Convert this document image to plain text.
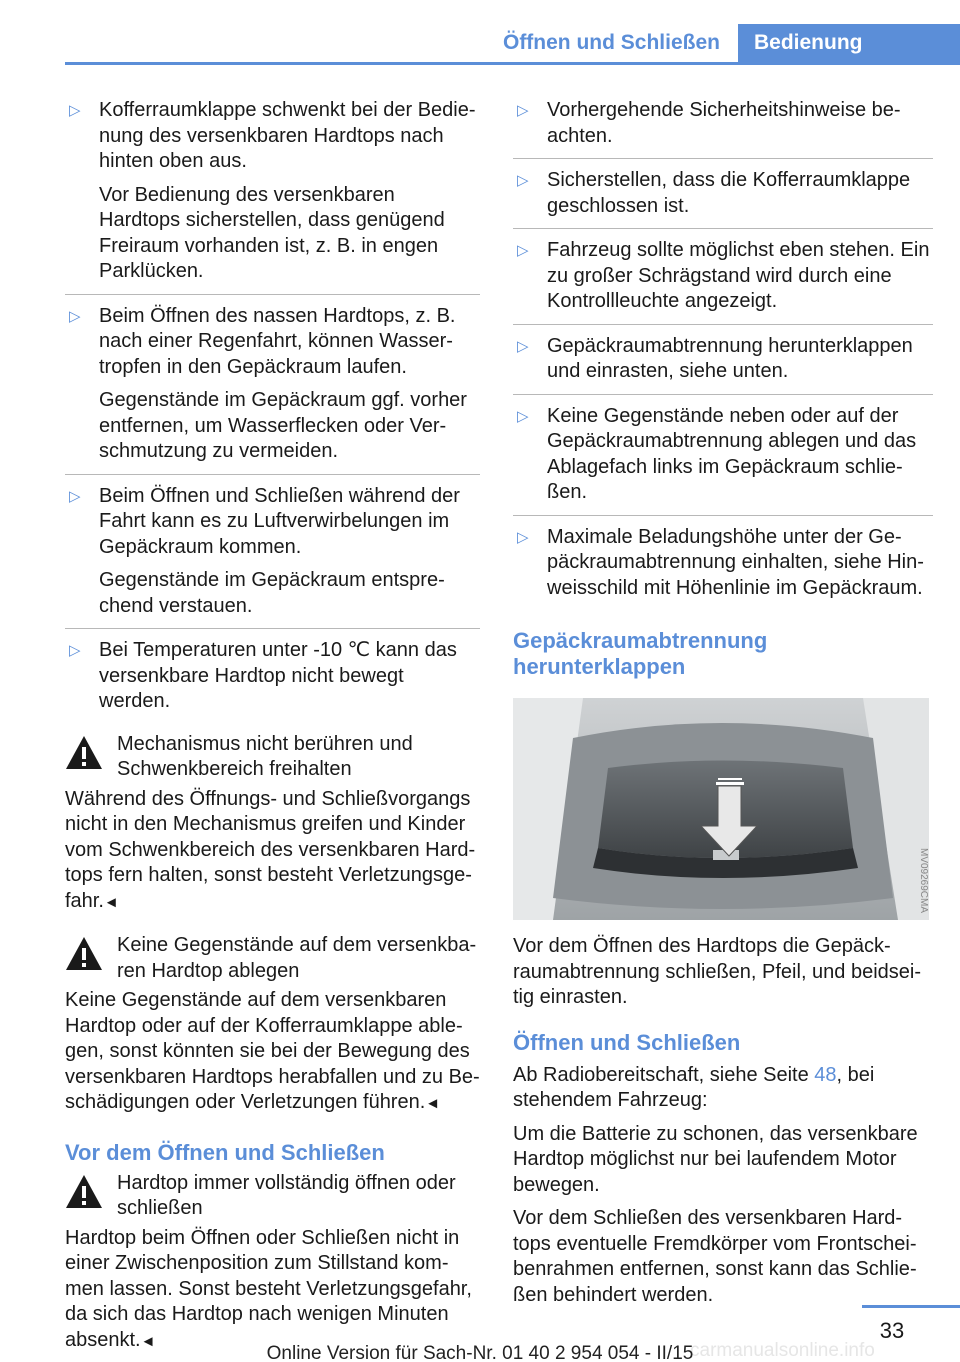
Öffnen und Schließen	Bedienung
▷ Kofferraumklappe schwenkt bei der Bedienung des versenkbaren Hardtops nach hinten oben aus.

Vor Bedienung des versenkbaren Hardtops sicherstellen, dass genügend Freiraum vorhanden ist, z. B. in engen Parklücken.

▷ Beim Öffnen des nassen Hardtops, z. B. nach einer Regenfahrt, können Wassertropfen in den Gepäckraum laufen.

Gegenstände im Gepäckraum ggf. vorher entfernen, um Wasserflecken oder Verschmutzung zu vermeiden.

▷ Beim Öffnen und Schließen während der Fahrt kann es zu Luftverwirbelungen im Gepäckraum kommen.

Gegenstände im Gepäckraum entsprechend verstauen.

▷ Bei Temperaturen unter -10 ℃ kann das versenkbare Hardtop nicht bewegt werden.

Mechanismus nicht berühren und Schwenkbereich freihalten

Während des Öffnungs- und Schließvorgangs nicht in den Mechanismus greifen und Kinder vom Schwenkbereich des versenkbaren Hardtops fern halten, sonst besteht Verletzungsgefahr.◄

Keine Gegenstände auf dem versenkbaren Hardtop ablegen

Keine Gegenstände auf dem versenkbaren Hardtop oder auf der Kofferraumklappe ablegen, sonst könnten sie bei der Bewegung des versenkbaren Hardtops herabfallen und zu Beschädigungen oder Verletzungen führen.◄

Vor dem Öffnen und Schließen

Hardtop immer vollständig öffnen oder schließen

Hardtop beim Öffnen oder Schließen nicht in einer Zwischenposition zum Stillstand kommen lassen. Sonst besteht Verletzungsgefahr, da sich das Hardtop nach wenigen Minuten absenkt.◄

▷ Vorhergehende Sicherheitshinweise beachten.

▷ Sicherstellen, dass die Kofferraumklappe geschlossen ist.

▷ Fahrzeug sollte möglichst eben stehen. Ein zu großer Schrägstand wird durch eine Kontrollleuchte angezeigt.

▷ Gepäckraumabtrennung herunterklappen und einrasten, siehe unten.

▷ Keine Gegenstände neben oder auf der Gepäckraumabtrennung ablegen und das Ablagefach links im Gepäckraum schließen.

▷ Maximale Beladungshöhe unter der Gepäckraumabtrennung einhalten, siehe Hinweisschild mit Höhenlinie im Gepäckraum.

Gepäckraumabtrennung herunterklappen
MV09269CMA

Vor dem Öffnen des Hardtops die Gepäckraumabtrennung schließen, Pfeil, und beidseitig einrasten.

Öffnen und Schließen

Ab Radiobereitschaft, siehe Seite 48, bei stehendem Fahrzeug:

Um die Batterie zu schonen, das versenkbare Hardtop möglichst nur bei laufendem Motor bewegen.

Vor dem Schließen des versenkbaren Hardtops eventuelle Fremdkörper vom Frontscheibenrahmen entfernen, sonst kann das Schließen behindert werden.

33
carmanualsonline.info
Online Version für Sach-Nr. 01 40 2 954 054 - II/15
